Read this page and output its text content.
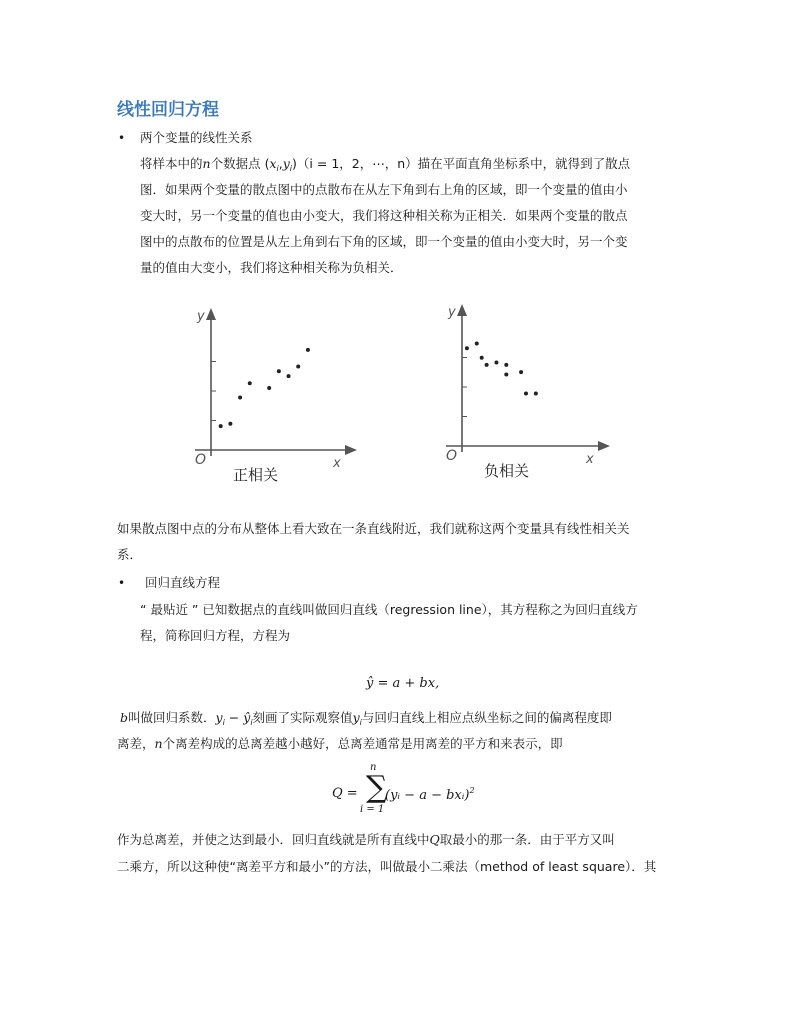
线性回归方程
• 两个变量的线性关系
将样本中的n个数据点 $(x_i,y_i)(i = 1$，2，⋯，n）描在平面直角坐标系中，就得到了散点
图．如果两个变量的散点图中的点散布在从左下角到右上角的区域，即一个变量的值由小
变大时，另一个变量的值也由小变大，我们将这种相关称为正相关．如果两个变量的散点
图中的点散布的位置是从左上角到右下角的区域，即一个变量的值由小变大时，另一个变
量的值由大变小，我们将这种相关称为负相关．
y
x
O
正相关
y
x
O
负相关
如果散点图中点的分布从整体上看大致在一条直线附近，我们就称这两个变量具有线性相关关
系．
• 回归直线方程
“ 最贴近 ” 已知数据点的直线叫做回归直线（regression line），其方程称之为回归直线方
程，简称回归方程，方程为
ŷ = a + bx,
b叫做回归系数．$y_i$ − $ŷ_i$刻画了实际观察值$y_i$与回归直线上相应点纵坐标之间的偏离程度即
离差，n个离差构成的总离差越小越好，总离差通常是用离差的平方和来表示，即
Q = ∑
n
i = 1
(yᵢ − a − bxᵢ)$^2$
作为总离差，并使之达到最小．回归直线就是所有直线中Q取最小的那一条．由于平方又叫
二乘方，所以这种使“离差平方和最小”的方法，叫做最小二乘法（method of least square）．其
